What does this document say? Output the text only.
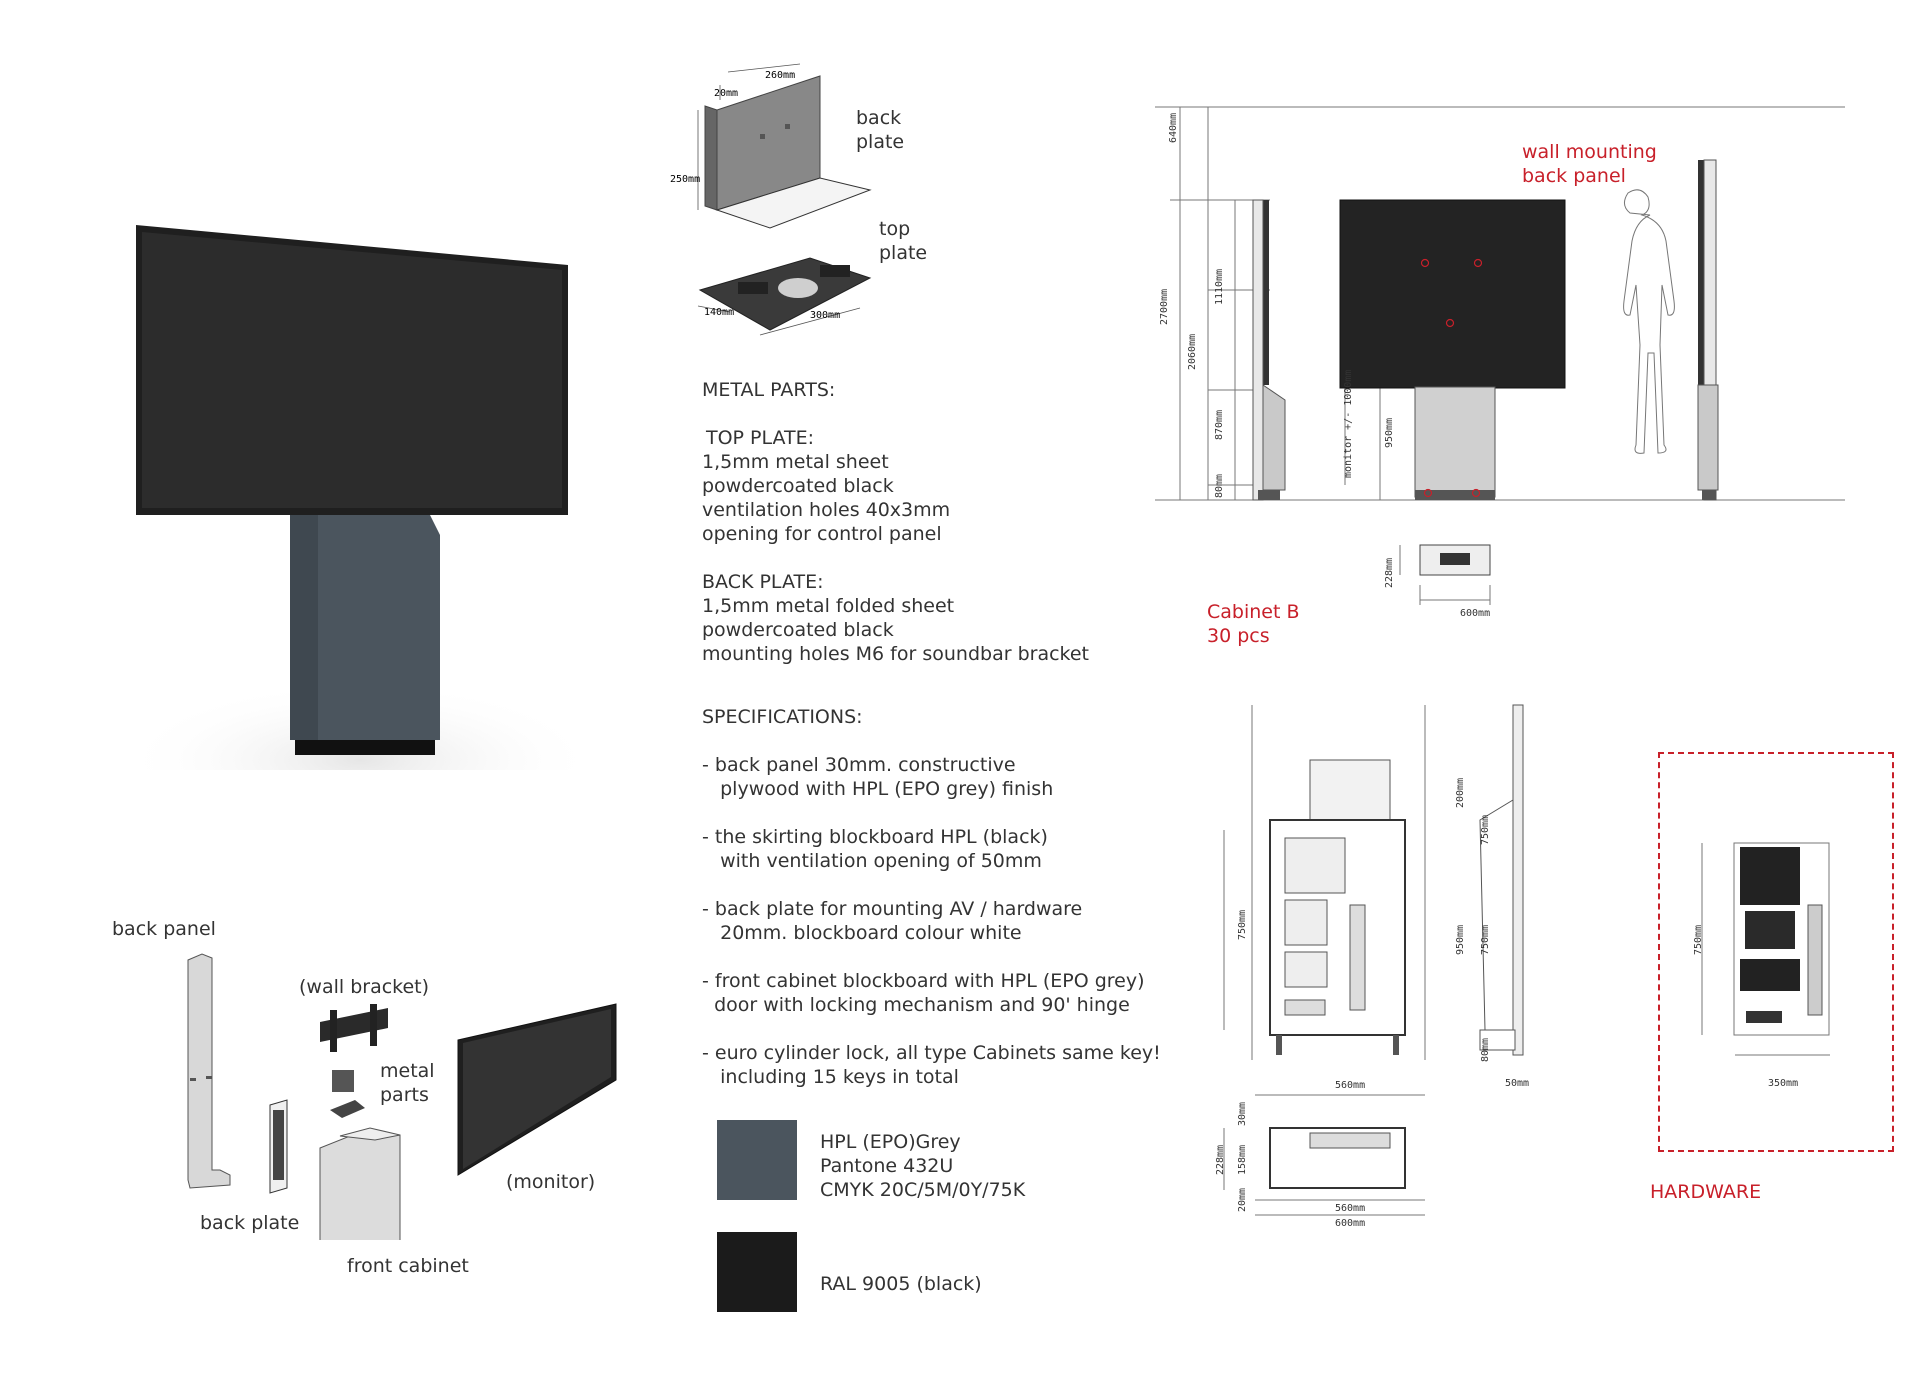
back panel
(wall bracket)
metal
parts
(monitor)
back plate
front cabinet
260mm
20mm
250mm
140mm	300mm
back
plate
top
plate
METAL PARTS:
TOP PLATE:
1,5mm metal sheet
powdercoated black
ventilation holes 40x3mm
opening for control panel
BACK PLATE:
1,5mm metal folded sheet
powdercoated black
mounting holes M6 for soundbar bracket
SPECIFICATIONS:
- back panel 30mm. constructive
plywood with HPL (EPO grey) finish
- the skirting blockboard HPL (black)
with ventilation opening of 50mm
- back plate for mounting AV / hardware
20mm. blockboard colour white
- front cabinet blockboard with HPL (EPO grey)
door with locking mechanism and 90' hinge
- euro cylinder lock, all type Cabinets same key!
including 15 keys in total
HPL (EPO)Grey
Pantone 432U
CMYK 20C/5M/0Y/75K
RAL 9005 (black)
640mm
2700mm
2060mm
1110mm
870mm
80mm
monitor +/- 1000mm	950mm
228mm
600mm
wall mounting
back panel
Cabinet B
30 pcs
750mm
200mm
750mm
950mm 750mm
80mm
560mm	50mm
30mm
228mm 158mm
20mm	560mm
600mm
750mm
350mm
HARDWARE
